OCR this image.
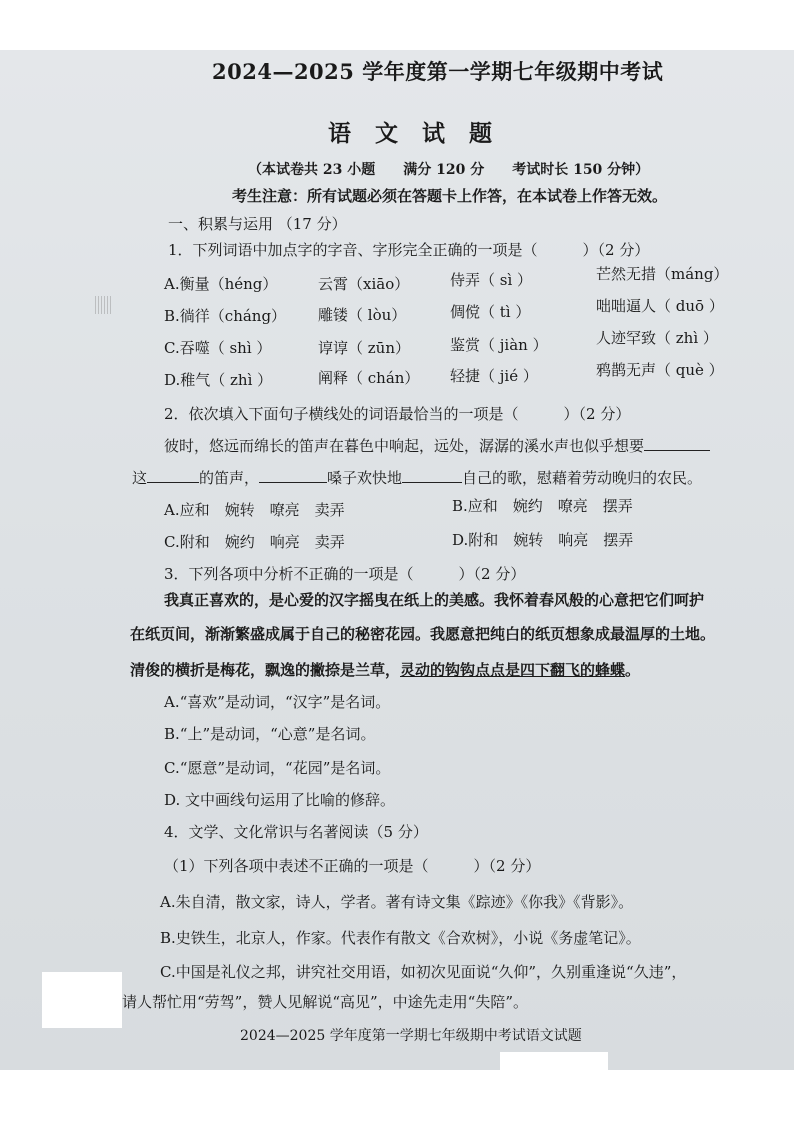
2024—2025 学年度第一学期七年级期中考试
语 文 试 题
（本试卷共 23 小题　　满分 120 分　　考试时长 150 分钟）
考生注意：所有试题必须在答题卡上作答，在本试卷上作答无效。
一、积累与运用 （17 分）
1．下列词语中加点字的字音、字形完全正确的一项是（　　　）（2 分）
A.衡量（héng）	云霄（xiāo）	侍弄（ sì ）	芒然无措（máng）
B.徜徉（cháng） 雕镂（ lòu）	倜傥（ tì ）	咄咄逼人（ duō ）
C.吞噬（ shì ）	谆谆（ zūn）	鉴赏（ jiàn ）	人迹罕致（ zhì ）
D.稚气（ zhì ）	阐释（ chán） 轻捷（ jié ）	鸦鹊无声（ què ）
2．依次填入下面句子横线处的词语最恰当的一项是（　　　）（2 分）
彼时，悠远而绵长的笛声在暮色中响起，远处，潺潺的溪水声也似乎想要
这	的笛声，	嗓子欢快地	自己的歌，慰藉着劳动晚归的农民。
A.应和　婉转　嘹亮　卖弄	B.应和　婉约　嘹亮　摆弄
C.附和　婉约　响亮　卖弄	D.附和　婉转　响亮　摆弄
3．下列各项中分析不正确的一项是（　　　）（2 分）
我真正喜欢的，是心爱的汉字摇曳在纸上的美感。我怀着春风般的心意把它们呵护
在纸页间，渐渐繁盛成属于自己的秘密花园。我愿意把纯白的纸页想象成最温厚的土地。
清俊的横折是梅花，飘逸的撇捺是兰草，灵动的钩钩点点是四下翻飞的蜂蝶。
A.“喜欢”是动词，“汉字”是名词。
B.“上”是动词，“心意”是名词。
C.“愿意”是动词，“花园”是名词。
D. 文中画线句运用了比喻的修辞。
4．文学、文化常识与名著阅读（5 分）
（1）下列各项中表述不正确的一项是（　　　）（2 分）
A.朱自清，散文家，诗人，学者。著有诗文集《踪迹》《你我》《背影》。
B.史铁生，北京人，作家。代表作有散文《合欢树》，小说《务虚笔记》。
C.中国是礼仪之邦，讲究社交用语，如初次见面说“久仰”，久别重逢说“久违”，
请人帮忙用“劳驾”，赞人见解说“高见”，中途先走用“失陪”。
2024—2025 学年度第一学期七年级期中考试语文试题
